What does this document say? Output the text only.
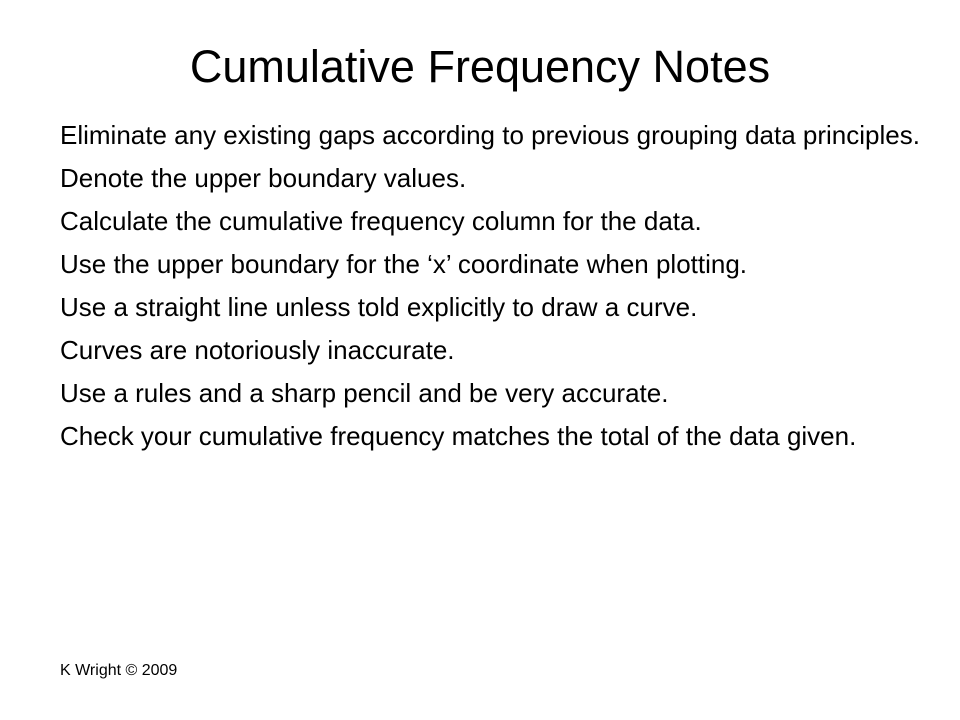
Cumulative Frequency Notes
Eliminate any existing gaps according to previous grouping data principles.
Denote the upper boundary values.
Calculate the cumulative frequency column for the data.
Use the upper boundary for the ‘x’ coordinate when plotting.
Use a straight line unless told explicitly to draw a curve.
Curves are notoriously inaccurate.
Use a rules and a sharp pencil and be very accurate.
Check your cumulative frequency matches the total of the data given.
K Wright © 2009
